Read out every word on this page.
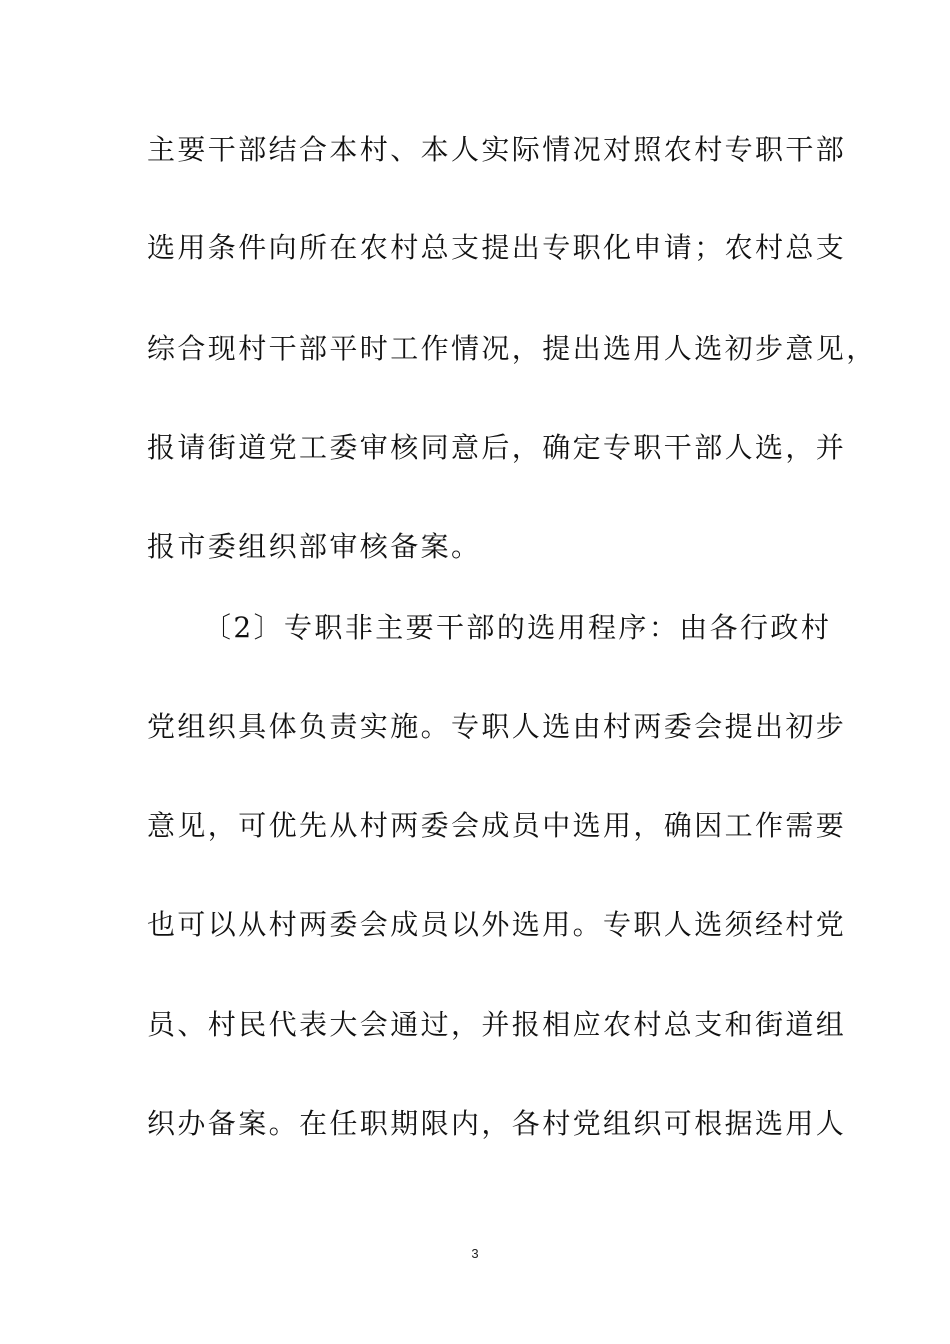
主要干部结合本村、本人实际情况对照农村专职干部
选用条件向所在农村总支提出专职化申请；农村总支
综合现村干部平时工作情况，提出选用人选初步意见，
报请街道党工委审核同意后，确定专职干部人选，并
报市委组织部审核备案。
〔2〕专职非主要干部的选用程序：由各行政村
党组织具体负责实施。专职人选由村两委会提出初步
意见，可优先从村两委会成员中选用，确因工作需要
也可以从村两委会成员以外选用。专职人选须经村党
员、村民代表大会通过，并报相应农村总支和街道组
织办备案。在任职期限内，各村党组织可根据选用人
3
